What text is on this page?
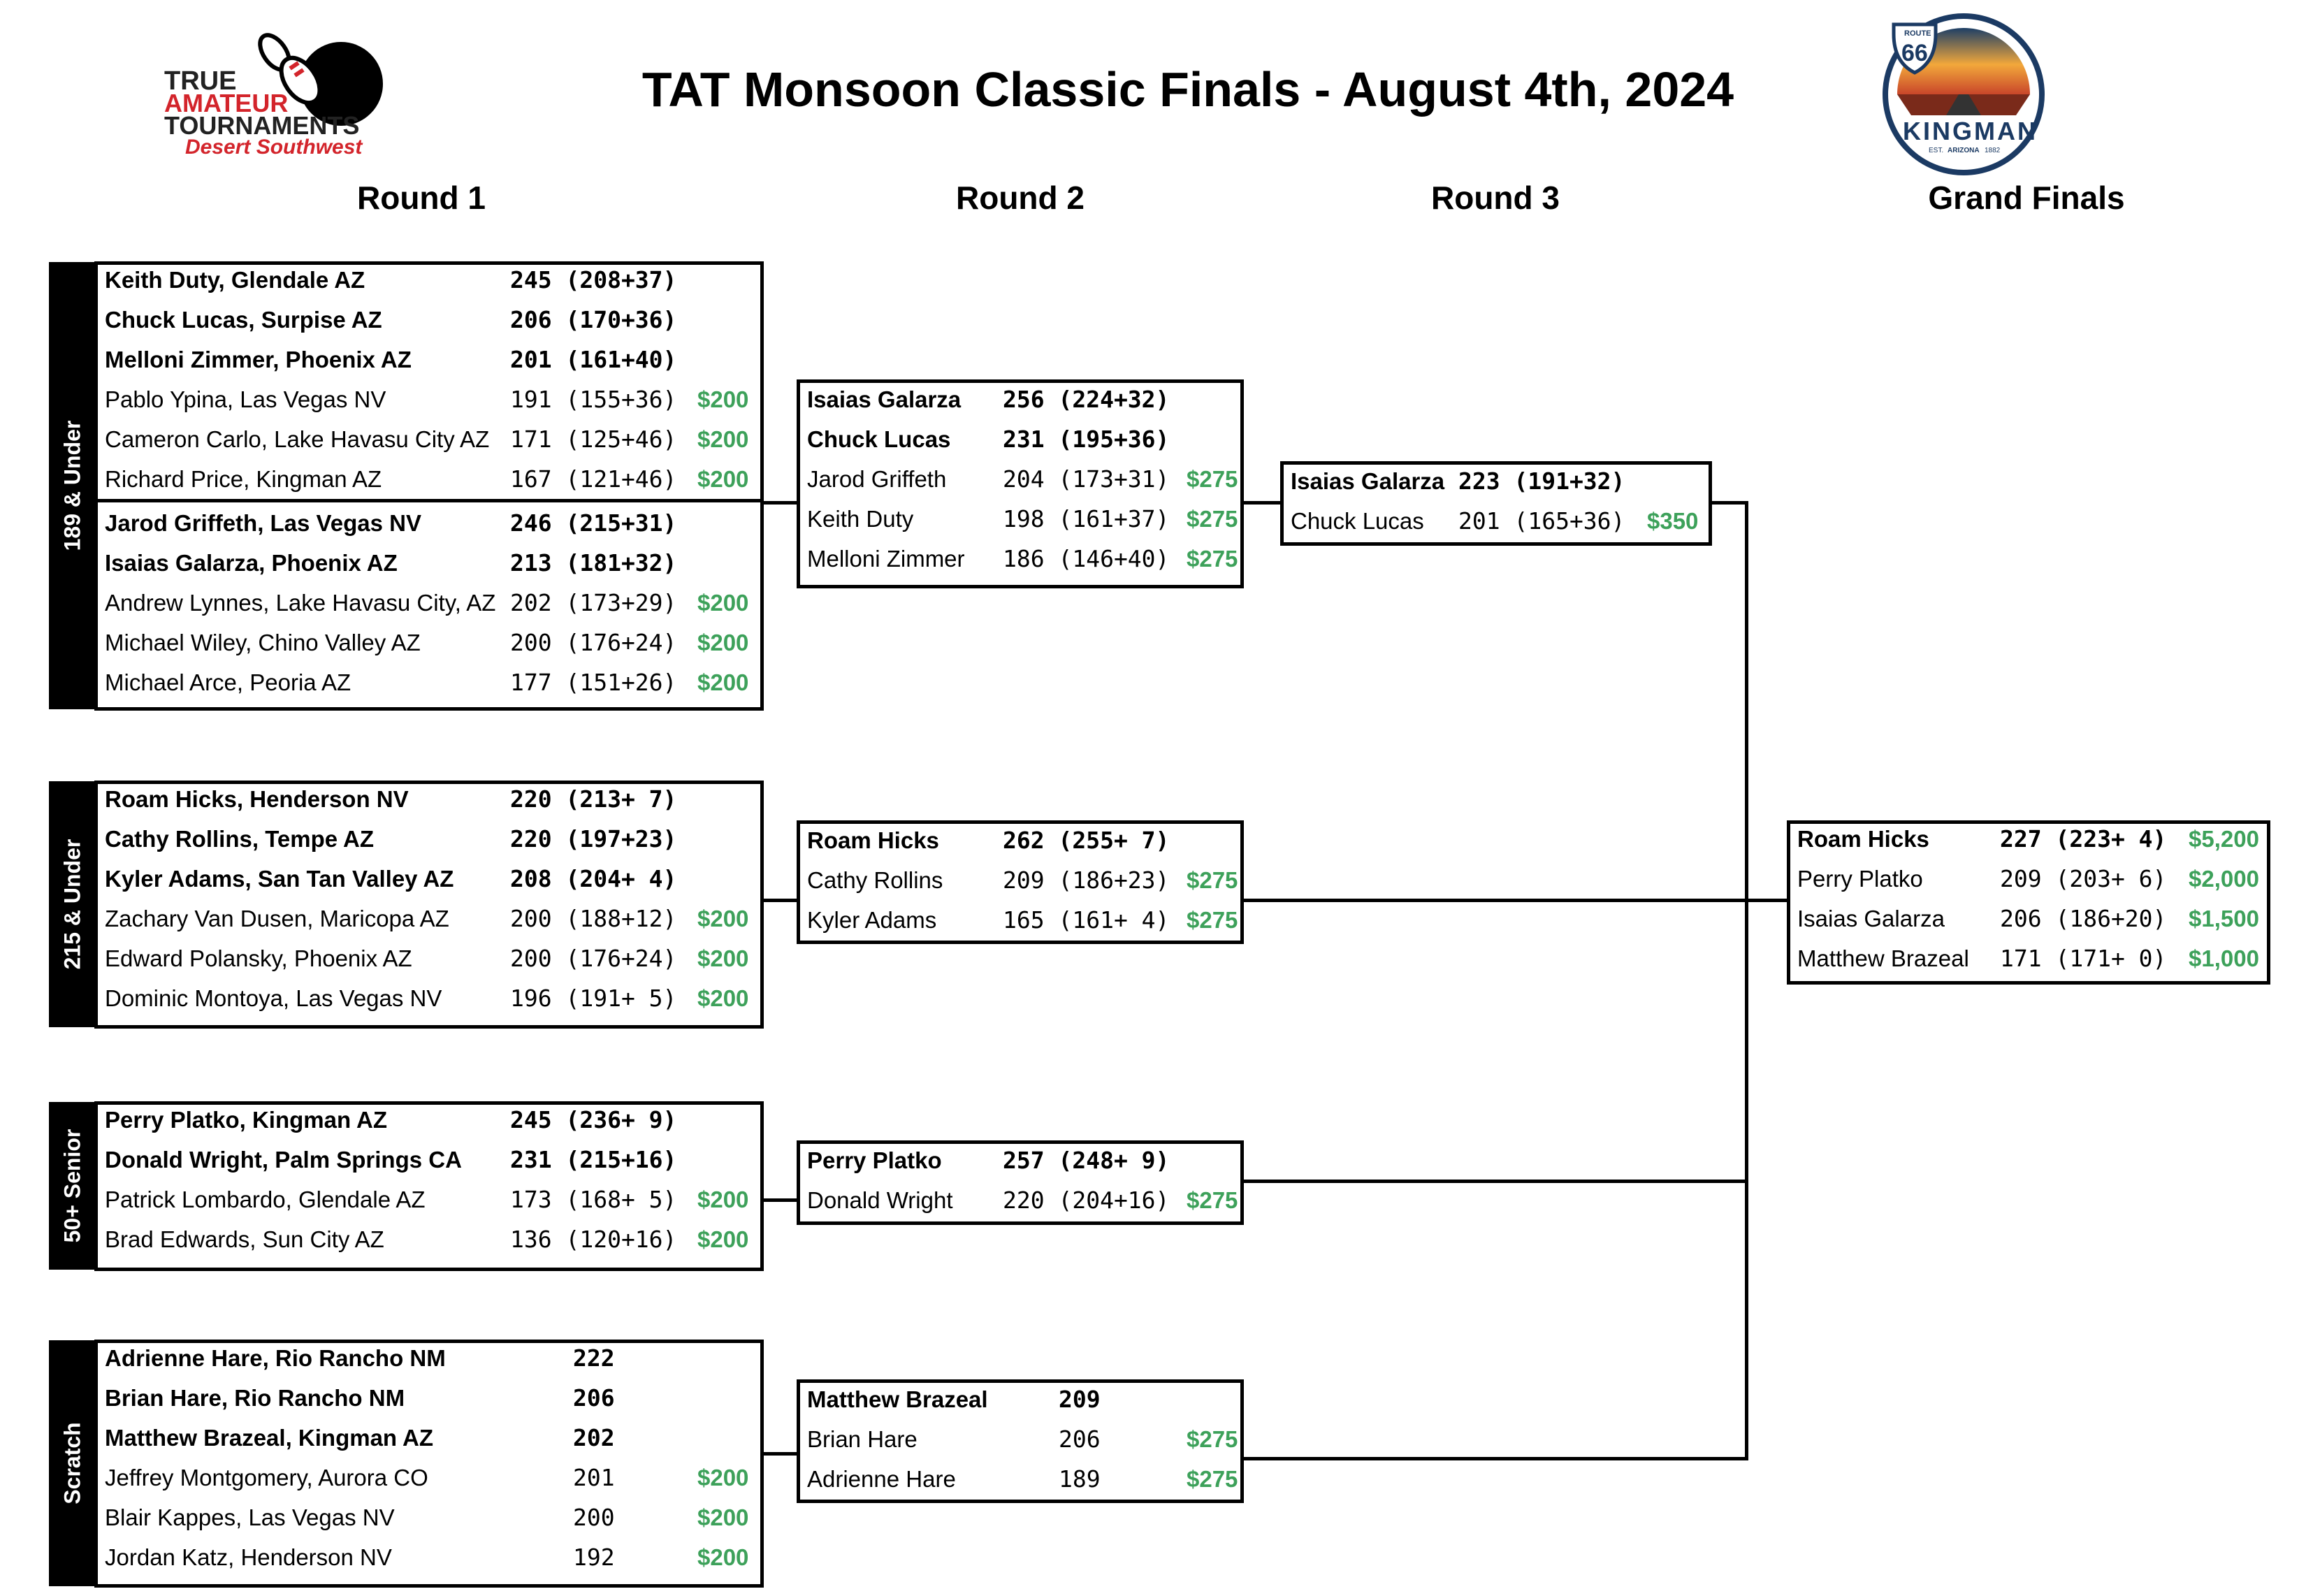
TRUE
AMATEUR
TOURNAMENTS
Desert Southwest
TAT Monsoon Classic Finals - August 4th, 2024
ROUTE
66
KINGMAN
EST. ARIZONA 1882
Round 1	Round 2	Round 3	Grand Finals
189 & Under
215 & Under
50+ Senior
Scratch
Keith Duty, Glendale AZ	245 (208+37)
Chuck Lucas, Surpise AZ	206 (170+36)
Melloni Zimmer, Phoenix AZ	201 (161+40)
Pablo Ypina, Las Vegas NV	191 (155+36) $200
Cameron Carlo, Lake Havasu City AZ 171 (125+46) $200
Richard Price, Kingman AZ	167 (121+46) $200
Jarod Griffeth, Las Vegas NV	246 (215+31)
Isaias Galarza, Phoenix AZ	213 (181+32)
Andrew Lynnes, Lake Havasu City, AZ 202 (173+29) $200
Michael Wiley, Chino Valley AZ	200 (176+24) $200
Michael Arce, Peoria AZ	177 (151+26) $200
Roam Hicks, Henderson NV	220 (213+ 7)
Cathy Rollins, Tempe AZ	220 (197+23)
Kyler Adams, San Tan Valley AZ 208 (204+ 4)
Zachary Van Dusen, Maricopa AZ	200 (188+12) $200
Edward Polansky, Phoenix AZ	200 (176+24) $200
Dominic Montoya, Las Vegas NV	196 (191+ 5) $200
Perry Platko, Kingman AZ	245 (236+ 9)
Donald Wright, Palm Springs CA 231 (215+16)
Patrick Lombardo, Glendale AZ	173 (168+ 5) $200
Brad Edwards, Sun City AZ	136 (120+16) $200
Adrienne Hare, Rio Rancho NM	222
Brian Hare, Rio Rancho NM	206
Matthew Brazeal, Kingman AZ	202
Jeffrey Montgomery, Aurora CO	201	$200
Blair Kappes, Las Vegas NV	200	$200
Jordan Katz, Henderson NV	192	$200
Isaias Galarza 256 (224+32)
Chuck Lucas 231 (195+36)
Jarod Griffeth 204 (173+31) $275
Keith Duty	198 (161+37) $275
Melloni Zimmer 186 (146+40) $275
Roam Hicks	262 (255+ 7)
Cathy Rollins	209 (186+23) $275
Kyler Adams	165 (161+ 4) $275
Perry Platko	257 (248+ 9)
Donald Wright 220 (204+16) $275
Matthew Brazeal	209
Brian Hare	206	$275
Adrienne Hare	189	$275
Isaias Galarza 223 (191+32)
Chuck Lucas 201 (165+36) $350
Roam Hicks	227 (223+ 4) $5,200
Perry Platko	209 (203+ 6) $2,000
Isaias Galarza 206 (186+20) $1,500
Matthew Brazeal 171 (171+ 0) $1,000
